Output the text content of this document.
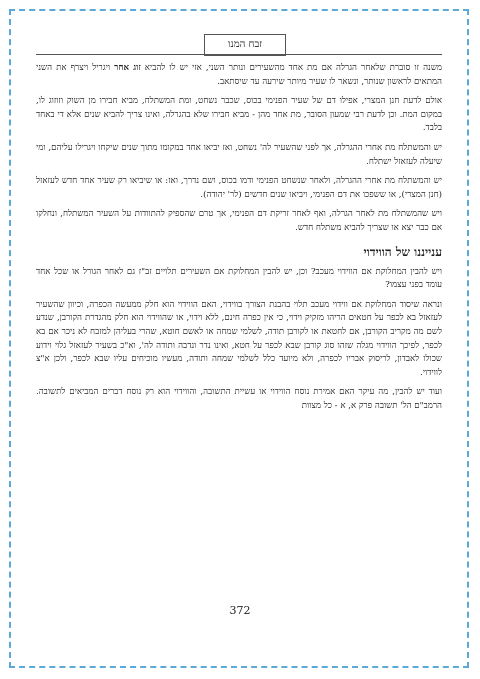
זבח המנו

משנה זו סוברת שלאחר הגרלה אם מת אחד מהשעירים ונותר השני, אזי יש לו להביא זוג אחר ויגריל ויצרף את השני המתאים לראשון שנותר, ונשאר לו שעיר מיותר שירעה עד שיסתאב.

אולם לדעת חנן המצרי, אפילו דם של שעיר הפנימי בכוס, שכבר נשחט, ומת המשתלח, מביא חבירו מן השוק וזוזוג לו, במקום המת. וכן לדעת רבי שמעון הסובר, מת אחד מהן - מביא חבירו שלא בהגרלה, ואינו צריך להביא שנים אלא די באחד בלבד.

יש והמשתלח מת אחרי ההגרלה, אך לפני שהשעיר לה' נשחט, ואז יביאו אחד במקומו מתוך שנים שיקחו ויגרילו עליהם, ומי שיעלה לעזאזל ישתלח.

יש והמשתלח מת אחרי ההגרלה, ולאחר שנשחט הפנימי ודמו בכוס, ושם נדרך, ואז: או שיביאו רק שעיר אחד חדש לעזאזל (חנן המצרי), או ששפכו את דם הפנימי, ויביאו שנים חדשים (לר' יהודה).

ויש שהמשתלח מת לאחר הגרלה, ואף לאחר זריקת דם הפנימי, אך טרם שהספיק להתוודות על השעיר המשתלח, ונחלקו אם כבר יצא או שצריך להביא משתלח חדש.

ענייננו של הווידוי

ויש להבין המחלוקת אם הווידוי מעכב? וכן, יש להבין המחלוקת אם השעירים תלויים זב"ז גם לאחר הגורל או שכל אחד עומד בפני עצמו?

ונראה שיסוד המחלוקת אם ווידוי מעכב תלוי בהבנת הצורך בווידוי, האם הווידוי הוא חלק ממעשה הכפרה, וכיוון שהשעיר לעזאזל בא לכפר על חטאים הריהו מזקיק וידוי, כי אין כפרה חינם, ללא וידוי, או שהווידוי הוא חלק מהגדרת הקורבן, שנדע לשם מה מקריב הקורבן, אם לחטאת או לקורבן תודה, לשלמי שמחה או לאשם חוטא, שהרי בעליהן למזבח לא ניכר אם בא לכפר, לפיכך הווידוי מגלה שזהו סוג קורבן שבא לכפר על חטא, ואינו נדר ונדבה ותודה לה', וא"כ בשעיר לעזאזל גלוי וידוע שכולו לאבדון, לריסוק אבריו לכפרה, ולא מיועד כלל לשלמי שמחה ותודה, מעשיו מוכיחים עליו שבא לכפר, ולכן א"צ לווידוי.

ועוד יש להבין, מה עיקר האם אמירת נוסח הווידוי או עשיית התשובה, והווידוי הוא רק נוסח דברים המביאים לתשובה. הרמב"ם הל' תשובה פרק א, א - כל מצוות

372
